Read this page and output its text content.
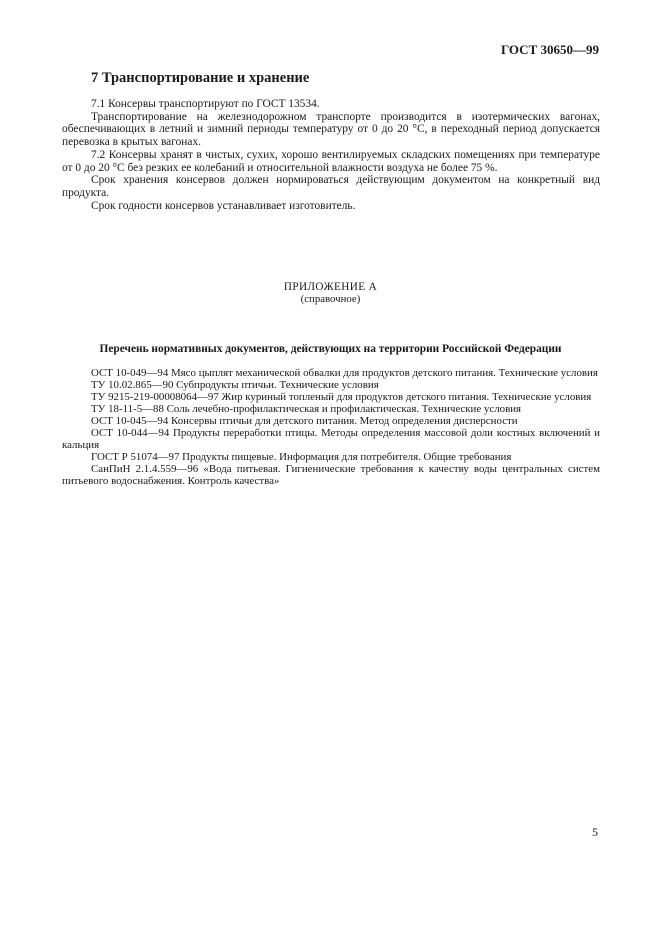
ГОСТ 30650—99
7 Транспортирование и хранение

7.1 Консервы транспортируют по ГОСТ 13534.

Транспортирование на железнодорожном транспорте производится в изотермических вагонах, обеспечивающих в летний и зимний периоды температуру от 0 до 20 °С, в переходный период допускается перевозка в крытых вагонах.

7.2 Консервы хранят в чистых, сухих, хорошо вентилируемых складских помещениях при температуре от 0 до 20 °С без резких ее колебаний и относительной влажности воздуха не более 75 %.

Срок хранения консервов должен нормироваться действующим документом на конкретный вид продукта.

Срок годности консервов устанавливает изготовитель.

ПРИЛОЖЕНИЕ А
(справочное)
Перечень нормативных документов, действующих на территории Российской Федерации

ОСТ 10-049—94 Мясо цыплят механической обвалки для продуктов детского питания. Технические условия

ТУ 10.02.865—90 Субпродукты птичьи. Технические условия

ТУ 9215-219-00008064—97 Жир куриный топленый для продуктов детского питания. Технические условия

ТУ 18-11-5—88 Соль лечебно-профилактическая и профилактическая. Технические условия

ОСТ 10-045—94 Консервы птичьи для детского питания. Метод определения дисперсности

ОСТ 10-044—94 Продукты переработки птицы. Методы определения массовой доли костных включений и кальция

ГОСТ Р 51074—97 Продукты пищевые. Информация для потребителя. Общие требования

СанПиН 2.1.4.559—96 «Вода питьевая. Гигиенические требования к качеству воды центральных систем питьевого водоснабжения. Контроль качества»

5
